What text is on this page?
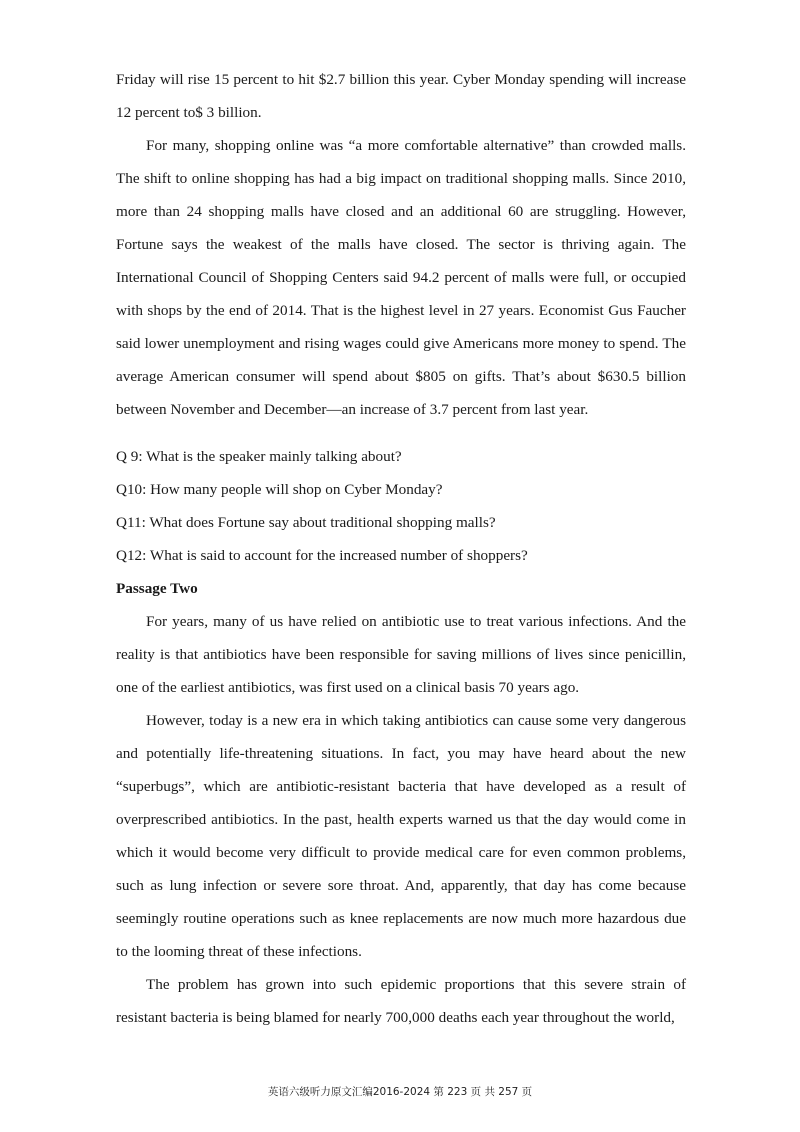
Friday will rise 15 percent to hit $2.7 billion this year. Cyber Monday spending will increase 12 percent to$ 3 billion.

For many, shopping online was “a more comfortable alternative” than crowded malls. The shift to online shopping has had a big impact on traditional shopping malls. Since 2010, more than 24 shopping malls have closed and an additional 60 are struggling. However, Fortune says the weakest of the malls have closed. The sector is thriving again. The International Council of Shopping Centers said 94.2 percent of malls were full, or occupied with shops by the end of 2014. That is the highest level in 27 years. Economist Gus Faucher said lower unemployment and rising wages could give Americans more money to spend. The average American consumer will spend about $805 on gifts. That’s about $630.5 billion between November and December—an increase of 3.7 percent from last year.

Q 9: What is the speaker mainly talking about?

Q10: How many people will shop on Cyber Monday?

Q11: What does Fortune say about traditional shopping malls?

Q12: What is said to account for the increased number of shoppers?

Passage Two

For years, many of us have relied on antibiotic use to treat various infections. And the reality is that antibiotics have been responsible for saving millions of lives since penicillin, one of the earliest antibiotics, was first used on a clinical basis 70 years ago.

However, today is a new era in which taking antibiotics can cause some very dangerous and potentially life-threatening situations. In fact, you may have heard about the new “superbugs”, which are antibiotic-resistant bacteria that have developed as a result of overprescribed antibiotics. In the past, health experts warned us that the day would come in which it would become very difficult to provide medical care for even common problems, such as lung infection or severe sore throat. And, apparently, that day has come because seemingly routine operations such as knee replacements are now much more hazardous due to the looming threat of these infections.

The problem has grown into such epidemic proportions that this severe strain of resistant bacteria is being blamed for nearly 700,000 deaths each year throughout the world,

英语六级听力原文汇编2016-2024 第 223 页 共 257 页
